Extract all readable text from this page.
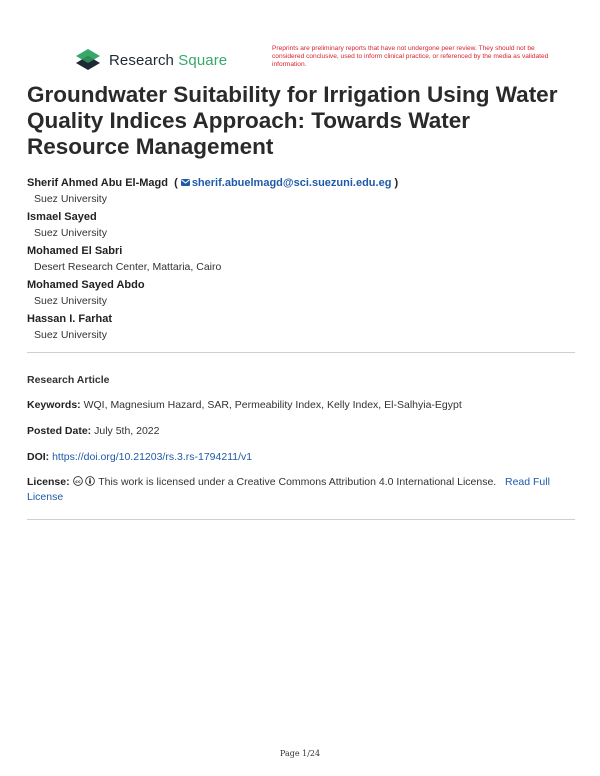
Research Square
Preprints are preliminary reports that have not undergone peer review. They should not be considered conclusive, used to inform clinical practice, or referenced by the media as validated information.
Groundwater Suitability for Irrigation Using Water Quality Indices Approach: Towards Water Resource Management
Sherif Ahmed Abu El-Magd  ( sherif.abuelmagd@sci.suezuni.edu.eg )
Suez University
Ismael Sayed
Suez University
Mohamed El Sabri
Desert Research Center, Mattaria, Cairo
Mohamed Sayed Abdo
Suez University
Hassan I. Farhat
Suez University
Research Article
Keywords: WQI, Magnesium Hazard, SAR, Permeability Index, Kelly Index, El-Salhyia-Egypt
Posted Date: July 5th, 2022
DOI: https://doi.org/10.21203/rs.3.rs-1794211/v1
License: cc This work is licensed under a Creative Commons Attribution 4.0 International License. Read Full License
Page 1/24
